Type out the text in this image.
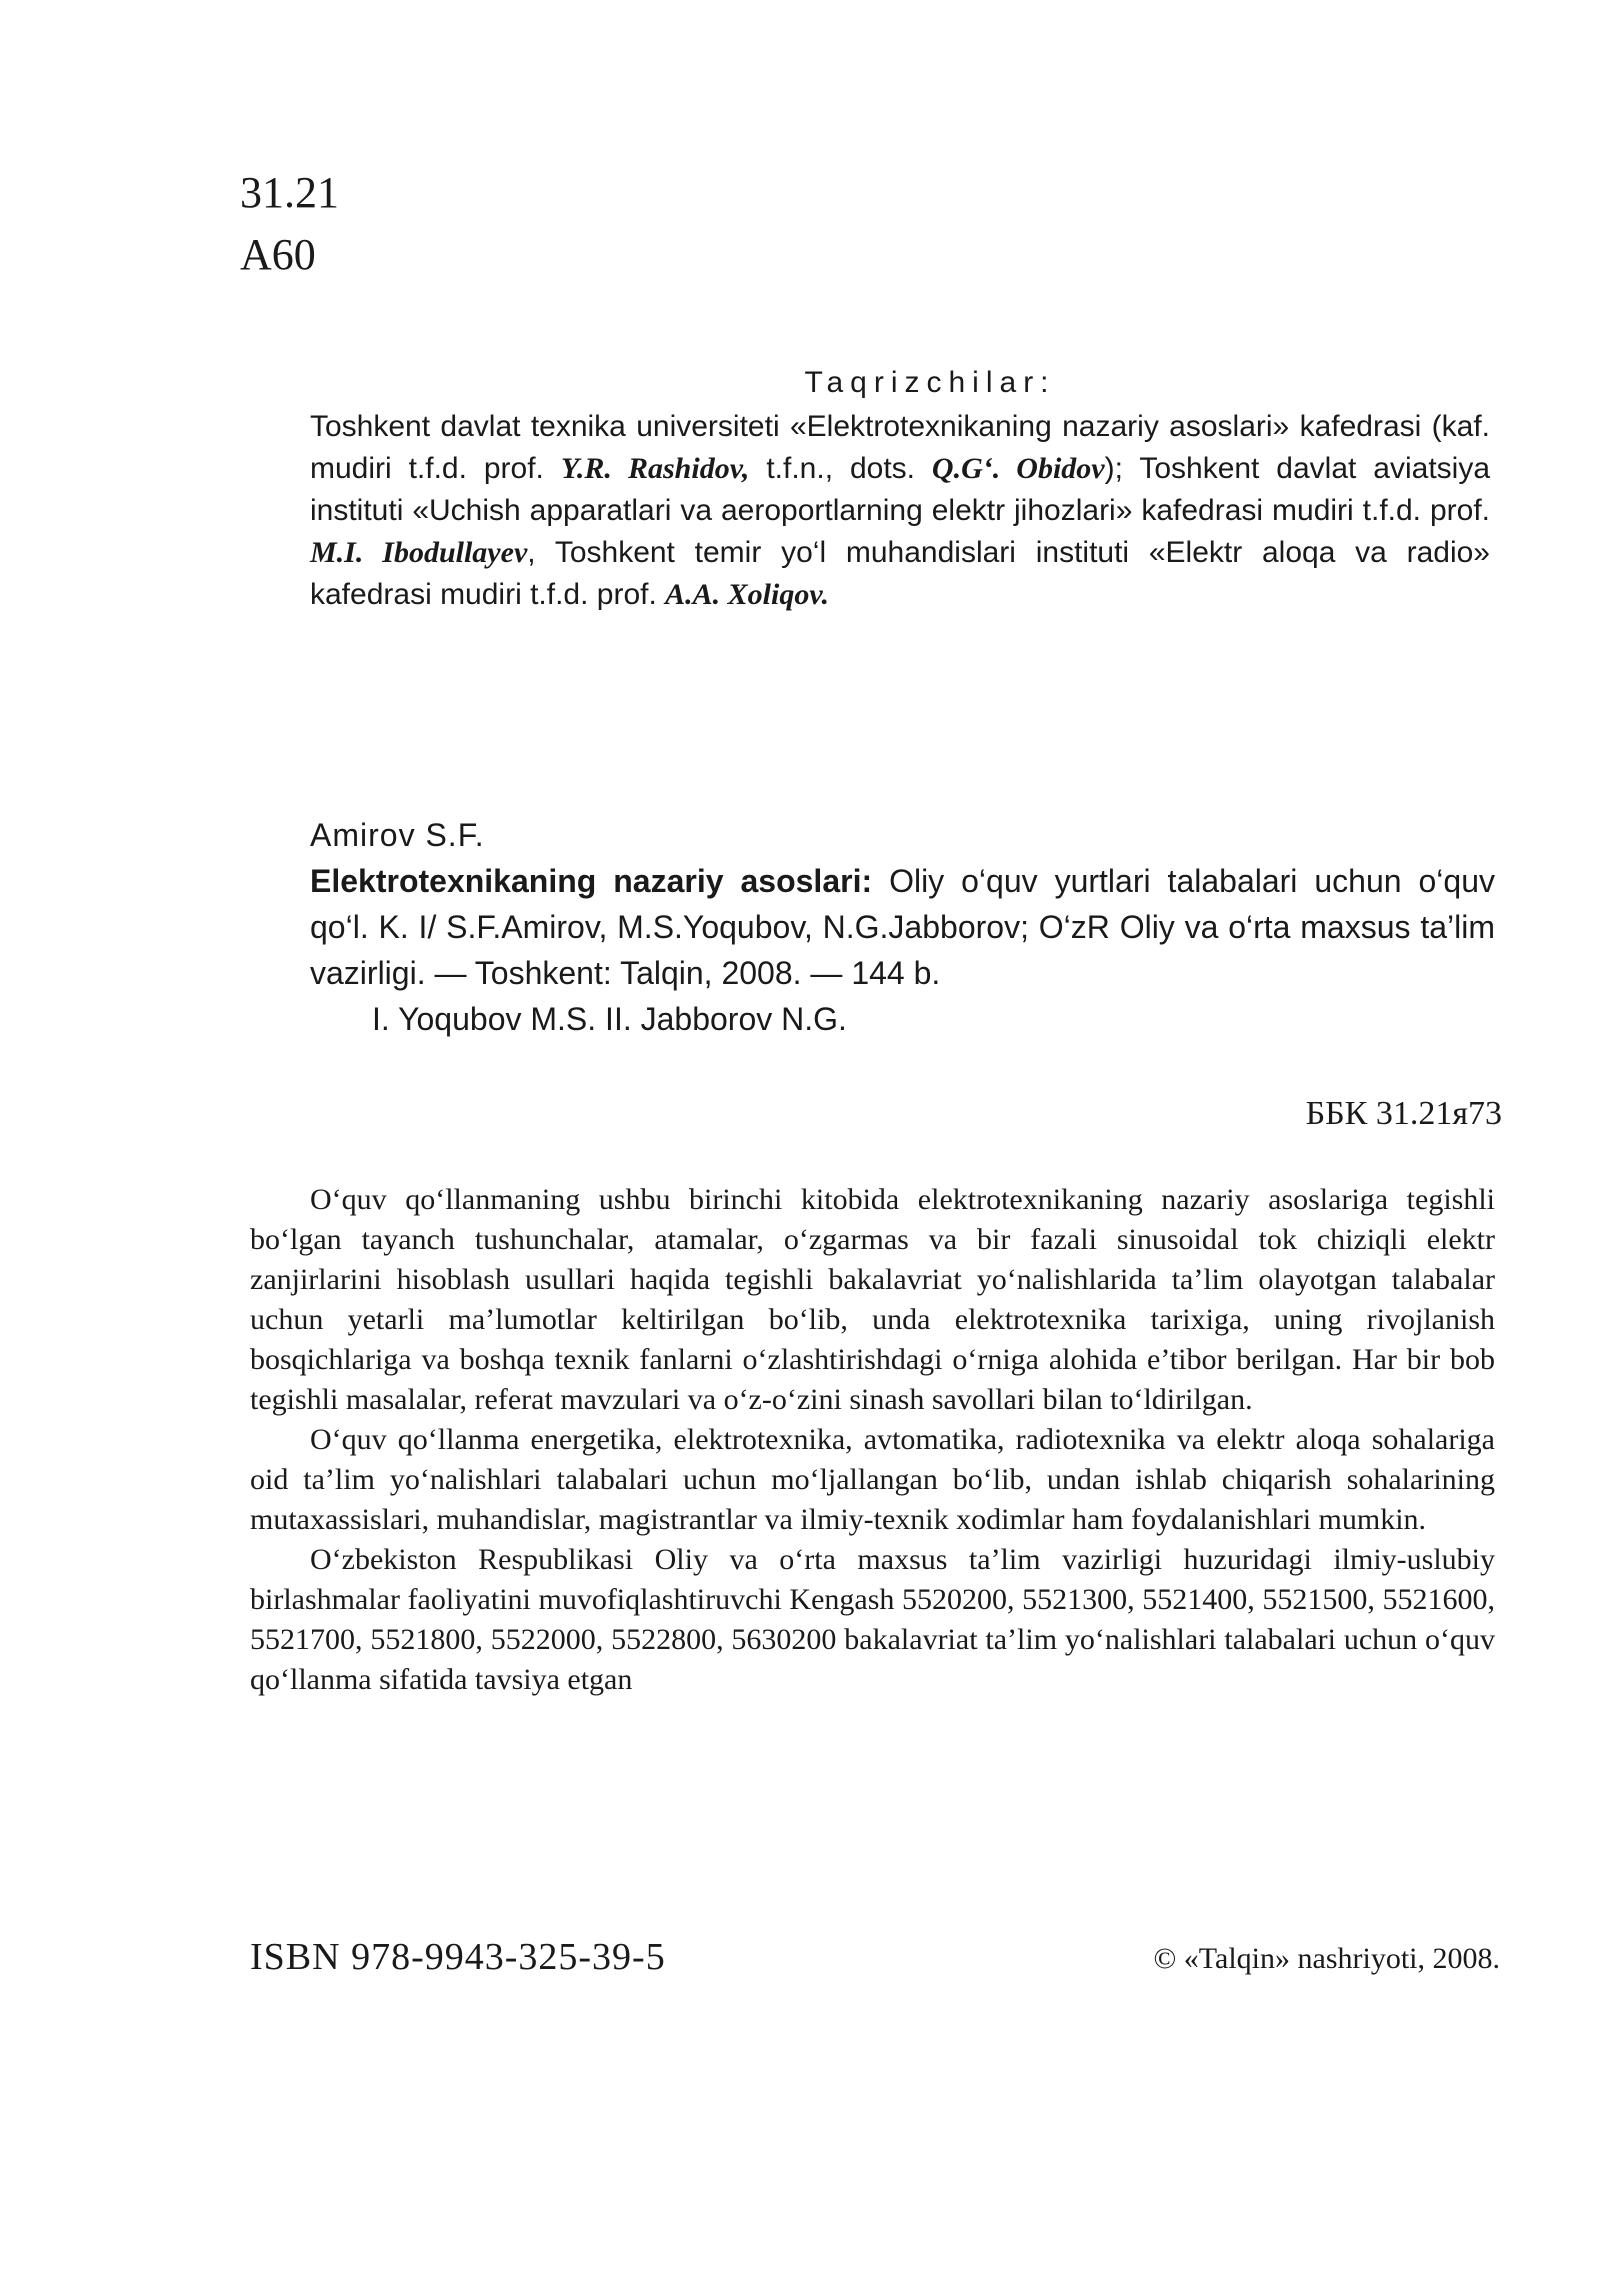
31.21
A60
Taqrizchilar:

Toshkent davlat texnika universiteti «Elektrotexnikaning nazariy asoslari» kafedrasi (kaf. mudiri t.f.d. prof. Y.R. Rashidov, t.f.n., dots. Q.G‘. Obidov); Toshkent davlat aviatsiya instituti «Uchish apparatlari va aeroportlarning elektr jihozlari» kafedrasi mudiri t.f.d. prof. M.I. Ibodullayev, Toshkent temir yo‘l muhandislari instituti «Elektr aloqa va radio» kafedrasi mudiri t.f.d. prof. A.A. Xoliqov.

Amirov S.F.

Elektrotexnikaning nazariy asoslari: Oliy o‘quv yurtlari talabalari uchun o‘quv qo‘l. K. I/ S.F.Amirov, M.S.Yoqubov, N.G.Jabborov; O‘zR Oliy va o‘rta maxsus ta’lim vazirligi. — Toshkent: Talqin, 2008. — 144 b.

I. Yoqubov M.S. II. Jabborov N.G.

ББК 31.21я73

O‘quv qo‘llanmaning ushbu birinchi kitobida elektrotexnikaning nazariy asoslariga tegishli bo‘lgan tayanch tushunchalar, atamalar, o‘zgarmas va bir fazali sinusoidal tok chiziqli elektr zanjirlarini hisoblash usullari haqida tegishli bakalavriat yo‘nalishlarida ta’lim olayotgan talabalar uchun yetarli ma’lumotlar keltirilgan bo‘lib, unda elektrotexnika tarixiga, uning rivojlanish bosqichlariga va boshqa texnik fanlarni o‘zlashtirishdagi o‘rniga alohida e’tibor berilgan. Har bir bob tegishli masalalar, referat mavzulari va o‘z-o‘zini sinash savollari bilan to‘ldirilgan.

O‘quv qo‘llanma energetika, elektrotexnika, avtomatika, radiotexnika va elektr aloqa sohalariga oid ta’lim yo‘nalishlari talabalari uchun mo‘ljallangan bo‘lib, undan ishlab chiqarish sohalarining mutaxassislari, muhandislar, magistrantlar va ilmiy-texnik xodimlar ham foydalanishlari mumkin.

O‘zbekiston Respublikasi Oliy va o‘rta maxsus ta’lim vazirligi huzuridagi ilmiy-uslubiy birlashmalar faoliyatini muvofiqlashtiruvchi Kengash 5520200, 5521300, 5521400, 5521500, 5521600, 5521700, 5521800, 5522000, 5522800, 5630200 bakalavriat ta’lim yo‘nalishlari talabalari uchun o‘quv qo‘llanma sifatida tavsiya etgan

ISBN 978-9943-325-39-5	© «Talqin» nashriyoti, 2008.
